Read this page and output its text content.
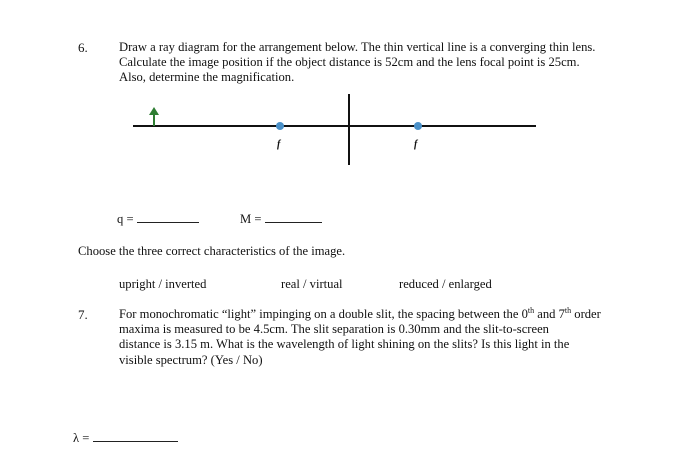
6. Draw a ray diagram for the arrangement below. The thin vertical line is a converging thin lens.
Calculate the image position if the object distance is 52cm and the lens focal point is 25cm.
Also, determine the magnification.
f	f
q =	M =
Choose the three correct characteristics of the image.
upright / inverted	real / virtual	reduced / enlarged
7. For monochromatic “light” impinging on a double slit, the spacing between the 0th and 7th order
maxima is measured to be 4.5cm. The slit separation is 0.30mm and the slit-to-screen
distance is 3.15 m. What is the wavelength of light shining on the slits? Is this light in the
visible spectrum? (Yes / No)
λ =
